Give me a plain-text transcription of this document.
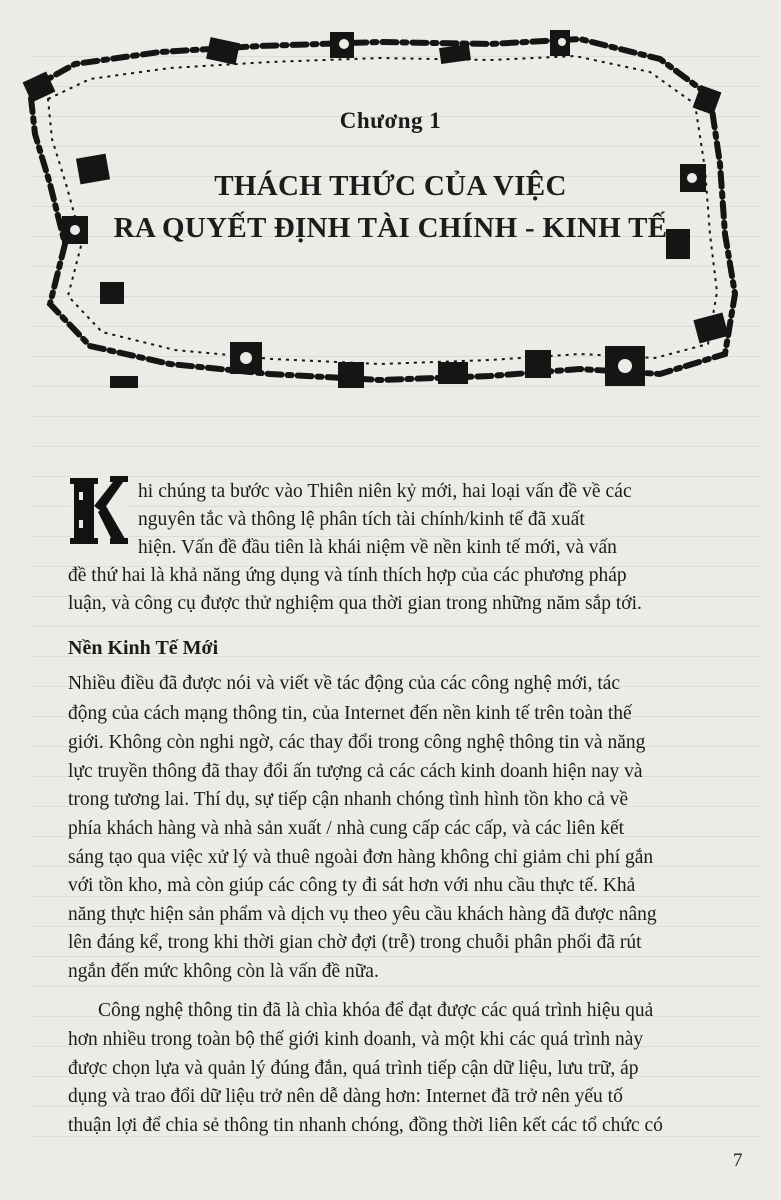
Chương 1
THÁCH THỨC CỦA VIỆC
RA QUYẾT ĐỊNH TÀI CHÍNH - KINH TẾ
hi chúng ta bước vào Thiên niên kỷ mới, hai loại vấn đề về các
nguyên tắc và thông lệ phân tích tài chính/kinh tế đã xuất
hiện. Vấn đề đầu tiên là khái niệm về nền kinh tế mới, và vấn
đề thứ hai là khả năng ứng dụng và tính thích hợp của các phương pháp
luận, và công cụ được thử nghiệm qua thời gian trong những năm sắp tới.
Nền Kinh Tế Mới
Nhiều điều đã được nói và viết về tác động của các công nghệ mới, tác
động của cách mạng thông tin, của Internet đến nền kinh tế trên toàn thế
giới. Không còn nghi ngờ, các thay đổi trong công nghệ thông tin và năng
lực truyền thông đã thay đổi ấn tượng cả các cách kinh doanh hiện nay và
trong tương lai. Thí dụ, sự tiếp cận nhanh chóng tình hình tồn kho cả về
phía khách hàng và nhà sản xuất / nhà cung cấp các cấp, và các liên kết
sáng tạo qua việc xử lý và thuê ngoài đơn hàng không chỉ giảm chi phí gắn
với tồn kho, mà còn giúp các công ty đi sát hơn với nhu cầu thực tế. Khả
năng thực hiện sản phẩm và dịch vụ theo yêu cầu khách hàng đã được nâng
lên đáng kể, trong khi thời gian chờ đợi (trễ) trong chuỗi phân phối đã rút
ngắn đến mức không còn là vấn đề nữa.
Công nghệ thông tin đã là chìa khóa để đạt được các quá trình hiệu quả
hơn nhiều trong toàn bộ thế giới kinh doanh, và một khi các quá trình này
được chọn lựa và quản lý đúng đắn, quá trình tiếp cận dữ liệu, lưu trữ, áp
dụng và trao đổi dữ liệu trở nên dễ dàng hơn: Internet đã trở nên yếu tố
thuận lợi để chia sẻ thông tin nhanh chóng, đồng thời liên kết các tổ chức có
7
